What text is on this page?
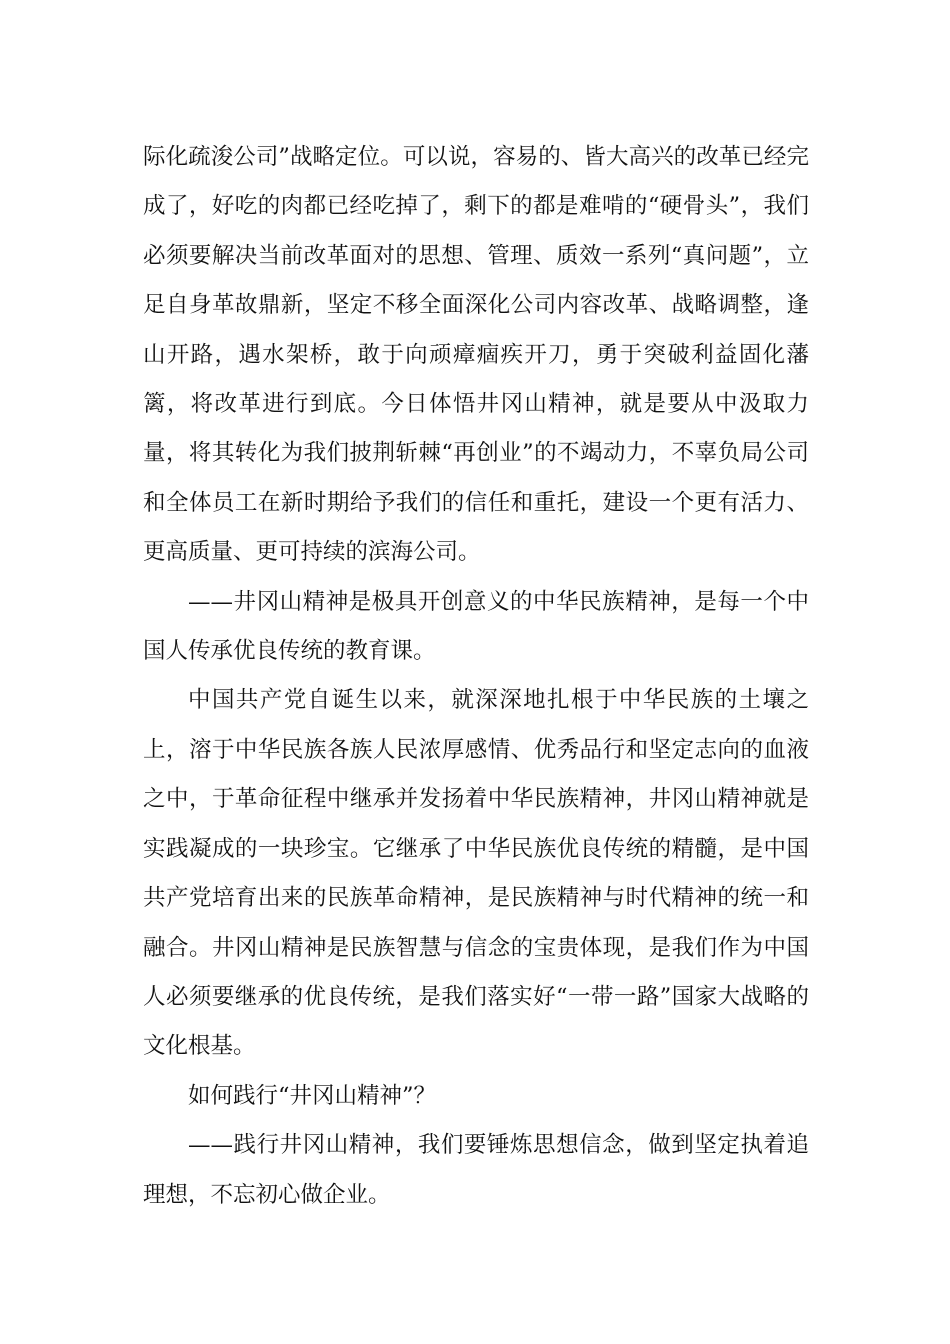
际化疏浚公司”战略定位。可以说，容易的、皆大高兴的改革已经完成了，好吃的肉都已经吃掉了，剩下的都是难啃的“硬骨头”，我们必须要解决当前改革面对的思想、管理、质效一系列“真问题”，立足自身革故鼎新，坚定不移全面深化公司内容改革、战略调整，逢山开路，遇水架桥，敢于向顽瘴痼疾开刀，勇于突破利益固化藩篱，将改革进行到底。今日体悟井冈山精神，就是要从中汲取力量，将其转化为我们披荆斩棘“再创业”的不竭动力，不辜负局公司和全体员工在新时期给予我们的信任和重托，建设一个更有活力、更高质量、更可持续的滨海公司。

——井冈山精神是极具开创意义的中华民族精神，是每一个中国人传承优良传统的教育课。

中国共产党自诞生以来，就深深地扎根于中华民族的土壤之上，溶于中华民族各族人民浓厚感情、优秀品行和坚定志向的血液之中，于革命征程中继承并发扬着中华民族精神，井冈山精神就是实践凝成的一块珍宝。它继承了中华民族优良传统的精髓，是中国共产党培育出来的民族革命精神，是民族精神与时代精神的统一和融合。井冈山精神是民族智慧与信念的宝贵体现，是我们作为中国人必须要继承的优良传统，是我们落实好“一带一路”国家大战略的文化根基。

如何践行“井冈山精神”？

——践行井冈山精神，我们要锤炼思想信念，做到坚定执着追理想，不忘初心做企业。
